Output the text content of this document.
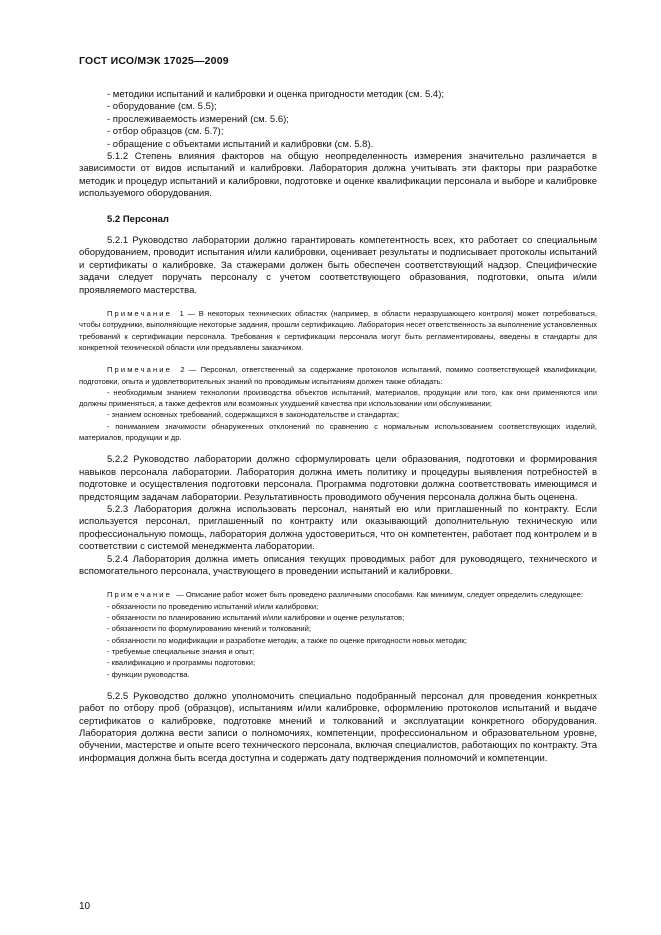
ГОСТ ИСО/МЭК 17025—2009

- методики испытаний и калибровки и оценка пригодности методик (см. 5.4);

- оборудование (см. 5.5);

- прослеживаемость измерений (см. 5.6);

- отбор образцов (см. 5.7);

- обращение с объектами испытаний и калибровки (см. 5.8).

5.1.2 Степень влияния факторов на общую неопределенность измерения значительно различается в зависимости от видов испытаний и калибровки. Лаборатория должна учитывать эти факторы при разработке методик и процедур испытаний и калибровки, подготовке и оценке квалификации персонала и выборе и калибровке используемого оборудования.

5.2 Персонал

5.2.1 Руководство лаборатории должно гарантировать компетентность всех, кто работает со специальным оборудованием, проводит испытания и/или калибровки, оценивает результаты и подписывает протоколы испытаний и сертификаты о калибровке. За стажерами должен быть обеспечен соответствующий надзор. Специфические задачи следует поручать персоналу с учетом соответствующего образования, подготовки, опыта и/или проявляемого мастерства.

Примечание 1 — В некоторых технических областях (например, в области неразрушающего контроля) может потребоваться, чтобы сотрудники, выполняющие некоторые задания, прошли сертификацию. Лаборатория несет ответственность за выполнение установленных требований к сертификации персонала. Требования к сертификации персонала могут быть регламентированы, введены в стандарты для конкретной технической области или предъявлены заказчиком.

Примечание 2 — Персонал, ответственный за содержание протоколов испытаний, помимо соответствующей квалификации, подготовки, опыта и удовлетворительных знаний по проводимым испытаниям должен также обладать:

- необходимым знанием технологии производства объектов испытаний, материалов, продукции или того, как они применяются или должны применяться, а также дефектов или возможных ухудшений качества при использовании или обслуживании;

- знанием основных требований, содержащихся в законодательстве и стандартах;

- пониманием значимости обнаруженных отклонений по сравнению с нормальным использованием соответствующих изделий, материалов, продукции и др.

5.2.2 Руководство лаборатории должно сформулировать цели образования, подготовки и формирования навыков персонала лаборатории. Лаборатория должна иметь политику и процедуры выявления потребностей в подготовке и осуществления подготовки персонала. Программа подготовки должна соответствовать имеющимся и предстоящим задачам лаборатории. Результативность проводимого обучения персонала должна быть оценена.

5.2.3 Лаборатория должна использовать персонал, нанятый ею или приглашенный по контракту. Если используется персонал, приглашенный по контракту или оказывающий дополнительную техническую или профессиональную помощь, лаборатория должна удостовериться, что он компетентен, работает под контролем и в соответствии с системой менеджмента лаборатории.

5.2.4 Лаборатория должна иметь описания текущих проводимых работ для руководящего, технического и вспомогательного персонала, участвующего в проведении испытаний и калибровки.

Примечание — Описание работ может быть проведено различными способами. Как минимум, следует определить следующее:

- обязанности по проведению испытаний и/или калибровки;

- обязанности по планированию испытаний и/или калибровки и оценке результатов;

- обязанности по формулированию мнений и толкований;

- обязанности по модификации и разработке методик, а также по оценке пригодности новых методик;

- требуемые специальные знания и опыт;

- квалификацию и программы подготовки;

- функции руководства.

5.2.5 Руководство должно уполномочить специально подобранный персонал для проведения конкретных работ по отбору проб (образцов), испытаниям и/или калибровке, оформлению протоколов испытаний и выдаче сертификатов о калибровке, подготовке мнений и толкований и эксплуатации конкретного оборудования. Лаборатория должна вести записи о полномочиях, компетенции, профессиональном и образовательном уровне, обучении, мастерстве и опыте всего технического персонала, включая специалистов, работающих по контракту. Эта информация должна быть всегда доступна и содержать дату подтверждения полномочий и компетенции.

10
